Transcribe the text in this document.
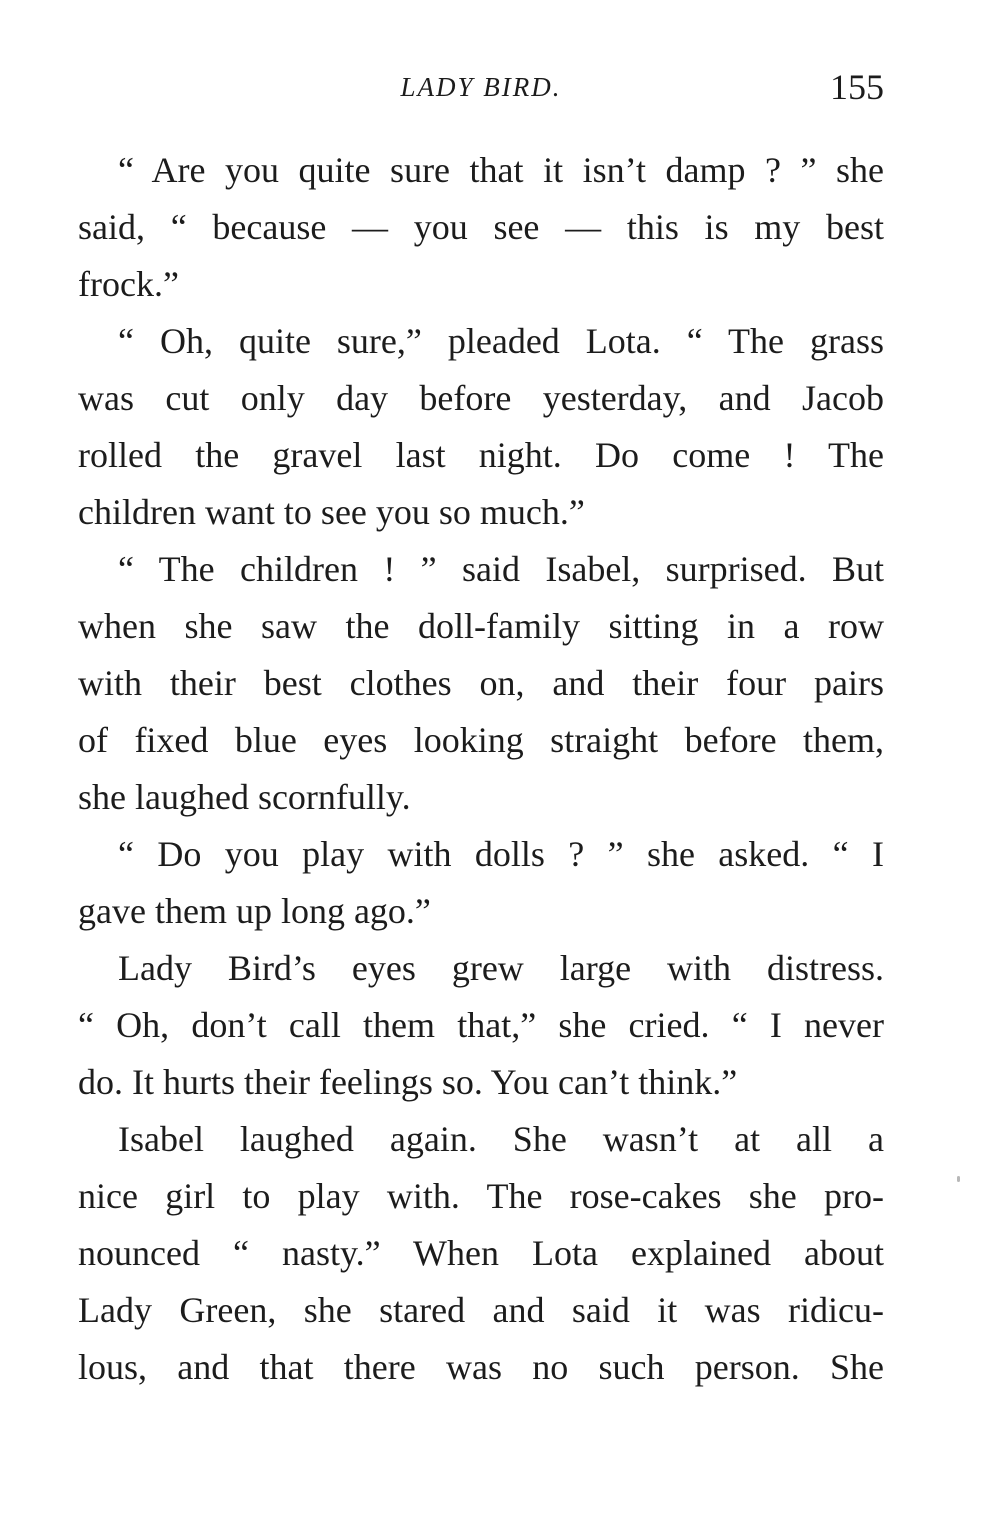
LADY BIRD.	155
“ Are you quite sure that it isn’t damp ? ” she
said, “ because — you see — this is my best
frock.”
“ Oh, quite sure,” pleaded Lota. “ The grass
was cut only day before yesterday, and Jacob
rolled the gravel last night. Do come ! The
children want to see you so much.”
“ The children ! ” said Isabel, surprised. But
when she saw the doll-family sitting in a row
with their best clothes on, and their four pairs
of fixed blue eyes looking straight before them,
she laughed scornfully.
“ Do you play with dolls ? ” she asked. “ I
gave them up long ago.”
Lady Bird’s eyes grew large with distress.
“ Oh, don’t call them that,” she cried. “ I never
do. It hurts their feelings so. You can’t think.”
Isabel laughed again. She wasn’t at all a
nice girl to play with. The rose-cakes she pro-
nounced “ nasty.” When Lota explained about
Lady Green, she stared and said it was ridicu-
lous, and that there was no such person. She
